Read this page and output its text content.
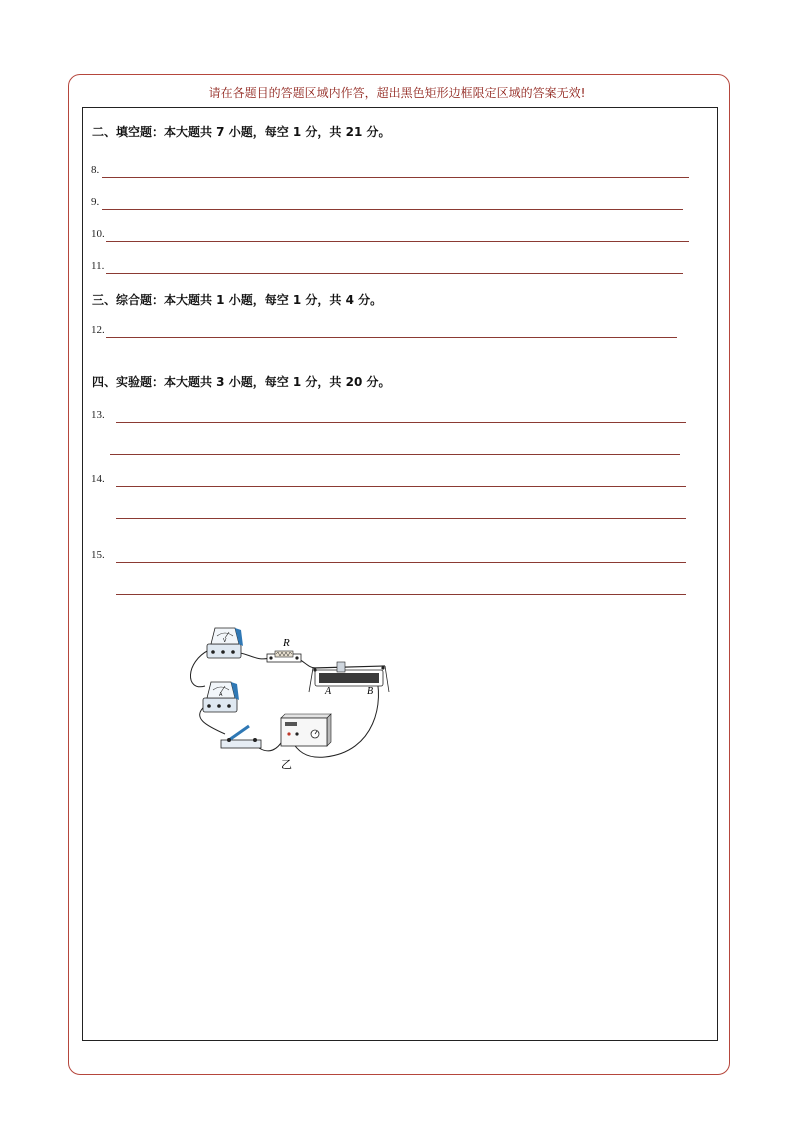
请在各题目的答题区域内作答，超出黑色矩形边框限定区域的答案无效!
二、填空题：本大题共 7 小题，每空 1 分，共 21 分。
8.
9.
10.
11.
三、综合题：本大题共 1 小题，每空 1 分，共 4 分。
12.
四、实验题：本大题共 3 小题，每空 1 分，共 20 分。
13.
14.
15.
V	R
A	B
A
乙
